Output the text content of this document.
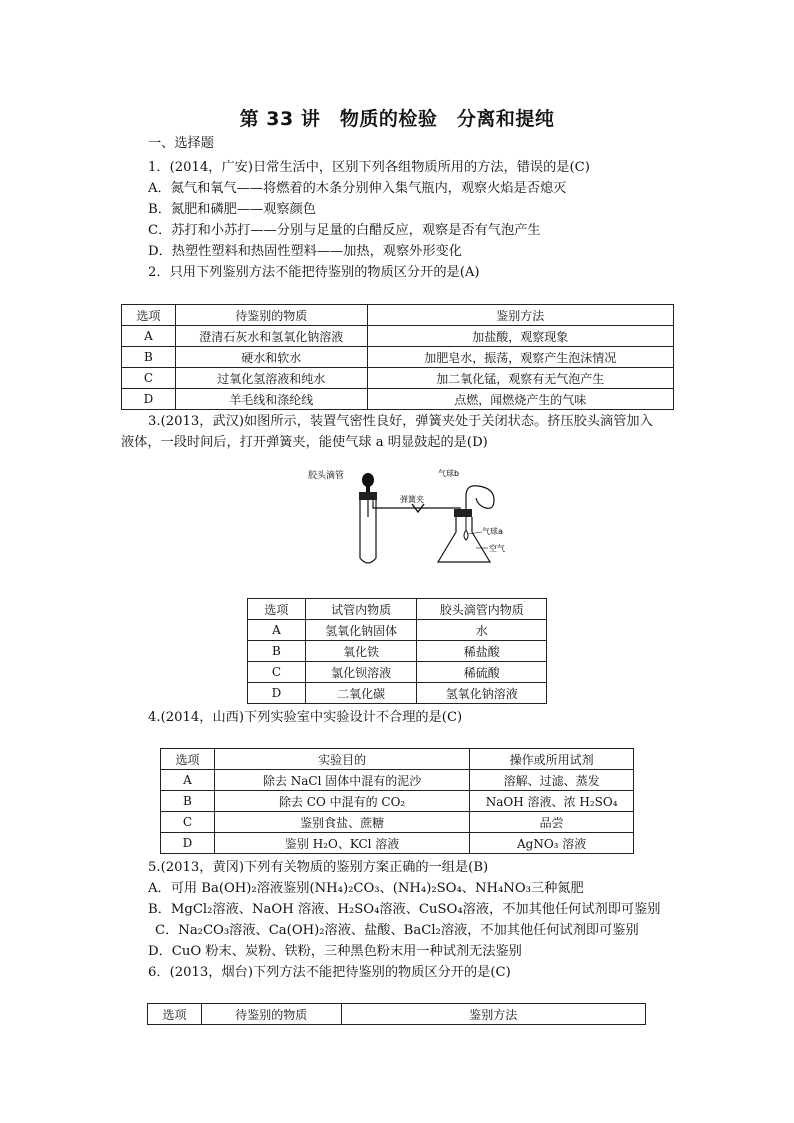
第 33 讲　物质的检验　分离和提纯
一、选择题
1．(2014，广安)日常生活中，区别下列各组物质所用的方法，错误的是(C)
A．氮气和氧气——将燃着的木条分别伸入集气瓶内，观察火焰是否熄灭
B．氮肥和磷肥——观察颜色
C．苏打和小苏打——分别与足量的白醋反应，观察是否有气泡产生
D．热塑性塑料和热固性塑料——加热，观察外形变化
2．只用下列鉴别方法不能把待鉴别的物质区分开的是(A)
选项	待鉴别的物质	鉴别方法
A	澄清石灰水和氢氧化钠溶液	加盐酸，观察现象
B	硬水和软水	加肥皂水，振荡，观察产生泡沫情况
C	过氧化氢溶液和纯水	加二氧化锰，观察有无气泡产生
D	羊毛线和涤纶线	点燃，闻燃烧产生的气味
3.(2013，武汉)如图所示，装置气密性良好，弹簧夹处于关闭状态。挤压胶头滴管加入
液体，一段时间后，打开弹簧夹，能使气球 a 明显鼓起的是(D)
胶头滴管
弹簧夹
气球b
气球a
空气
选项	试管内物质	胶头滴管内物质
A	氢氧化钠固体	水
B	氧化铁	稀盐酸
C	氯化钡溶液	稀硫酸
D	二氧化碳	氢氧化钠溶液
4.(2014，山西)下列实验室中实验设计不合理的是(C)
选项	实验目的	操作或所用试剂
A	除去 NaCl 固体中混有的泥沙	溶解、过滤、蒸发
B	除去 CO 中混有的 CO₂	NaOH 溶液、浓 H₂SO₄
C	鉴别食盐、蔗糖	品尝
D	鉴别 H₂O、KCl 溶液	AgNO₃ 溶液
5.(2013，黄冈)下列有关物质的鉴别方案正确的一组是(B)
A．可用 Ba(OH)₂溶液鉴别(NH₄)₂CO₃、(NH₄)₂SO₄、NH₄NO₃三种氮肥
B．MgCl₂溶液、NaOH 溶液、H₂SO₄溶液、CuSO₄溶液，不加其他任何试剂即可鉴别
C．Na₂CO₃溶液、Ca(OH)₂溶液、盐酸、BaCl₂溶液，不加其他任何试剂即可鉴别
D．CuO 粉末、炭粉、铁粉，三种黑色粉末用一种试剂无法鉴别
6．(2013，烟台)下列方法不能把待鉴别的物质区分开的是(C)
选项	待鉴别的物质	鉴别方法
